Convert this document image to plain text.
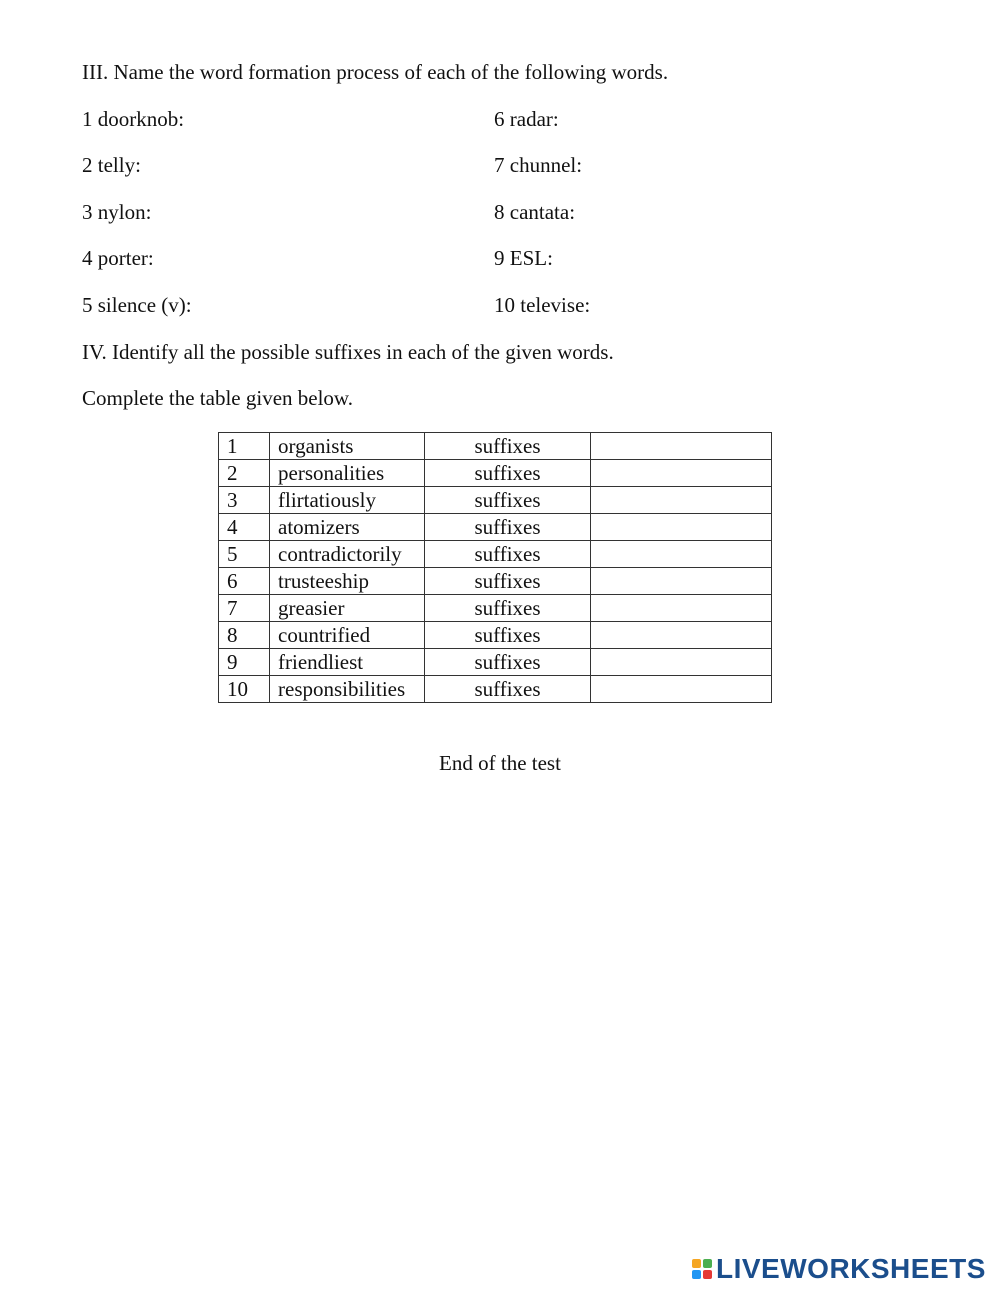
III. Name the word formation process of each of the following words.
1 doorknob:	6 radar:
2 telly:	7 chunnel:
3 nylon:	8 cantata:
4 porter:	9 ESL:
5 silence (v):	10 televise:
IV. Identify all the possible suffixes in each of the given words.
Complete the table given below.
1	organists	suffixes	
2	personalities	suffixes	
3	flirtatiously	suffixes	
4	atomizers	suffixes	
5	contradictorily	suffixes	
6	trusteeship	suffixes	
7	greasier	suffixes	
8	countrified	suffixes	
9	friendliest	suffixes	
10	responsibilities	suffixes	
End of the test
LIVEWORKSHEETS
